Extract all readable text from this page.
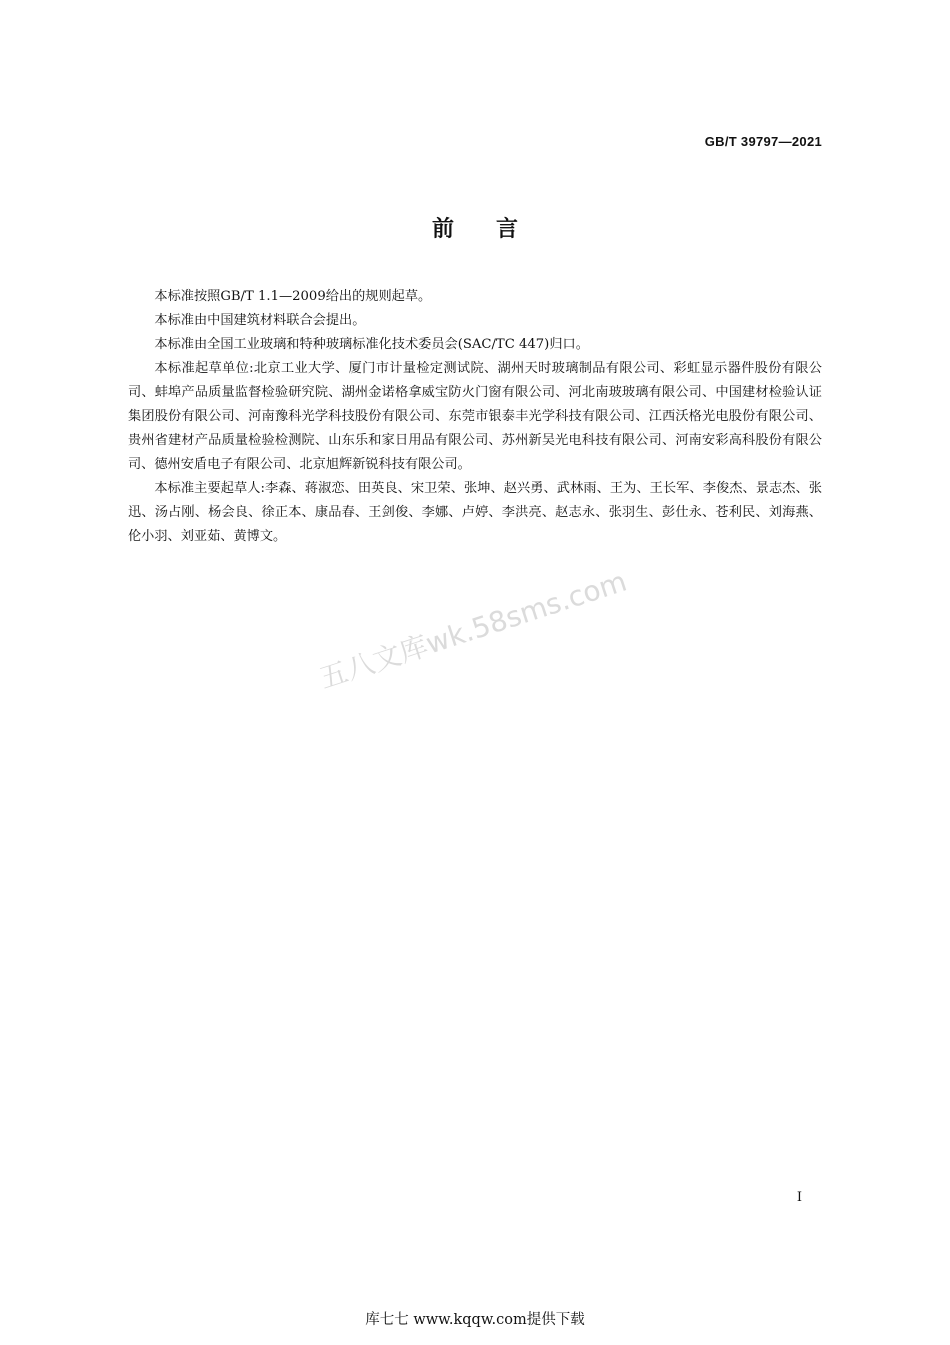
GB/T 39797—2021
前 言

本标准按照GB/T 1.1—2009给出的规则起草。

本标准由中国建筑材料联合会提出。

本标准由全国工业玻璃和特种玻璃标准化技术委员会(SAC/TC 447)归口。

本标准起草单位:北京工业大学、厦门市计量检定测试院、湖州天时玻璃制品有限公司、彩虹显示器件股份有限公司、蚌埠产品质量监督检验研究院、湖州金诺格拿威宝防火门窗有限公司、河北南玻玻璃有限公司、中国建材检验认证集团股份有限公司、河南豫科光学科技股份有限公司、东莞市银泰丰光学科技有限公司、江西沃格光电股份有限公司、贵州省建材产品质量检验检测院、山东乐和家日用品有限公司、苏州新吴光电科技有限公司、河南安彩高科股份有限公司、德州安盾电子有限公司、北京旭辉新锐科技有限公司。

本标准主要起草人:李森、蒋淑恋、田英良、宋卫荣、张坤、赵兴勇、武林雨、王为、王长军、李俊杰、景志杰、张迅、汤占刚、杨会良、徐正本、康品春、王剑俊、李娜、卢婷、李洪亮、赵志永、张羽生、彭仕永、苍利民、刘海燕、伦小羽、刘亚茹、黄博文。

五八文库wk.58sms.com
I
库七七 www.kqqw.com提供下载
